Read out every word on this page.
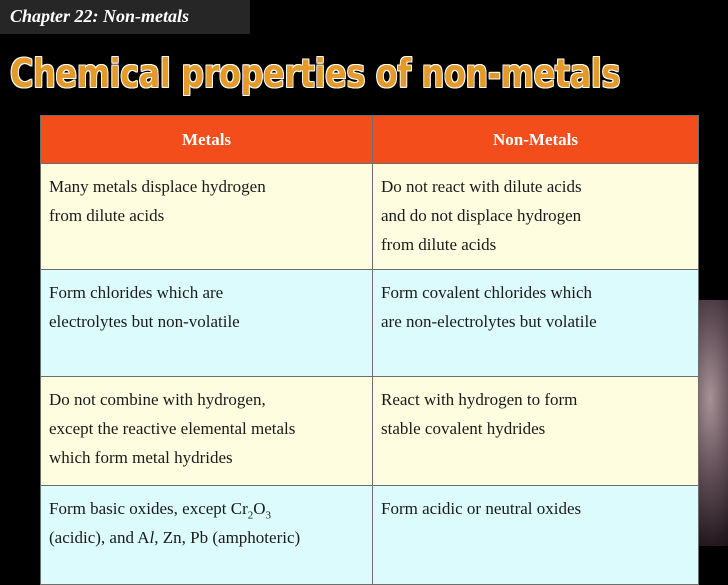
Chapter 22: Non-metals
Chemical properties of non-metals
Metals	Non-Metals

Many metals displace hydrogen
from dilute acids	Do not react with dilute acids
and do not displace hydrogen
from dilute acids

Form chlorides which are
electrolytes but non-volatile	Form covalent chlorides which
are non-electrolytes but volatile

Do not combine with hydrogen,
except the reactive elemental metals
which form metal hydrides	React with hydrogen to form
stable covalent hydrides

Form basic oxides, except $Cr_2O_3$
(acidic), and Al, Zn, Pb (amphoteric)	Form acidic or neutral oxides
